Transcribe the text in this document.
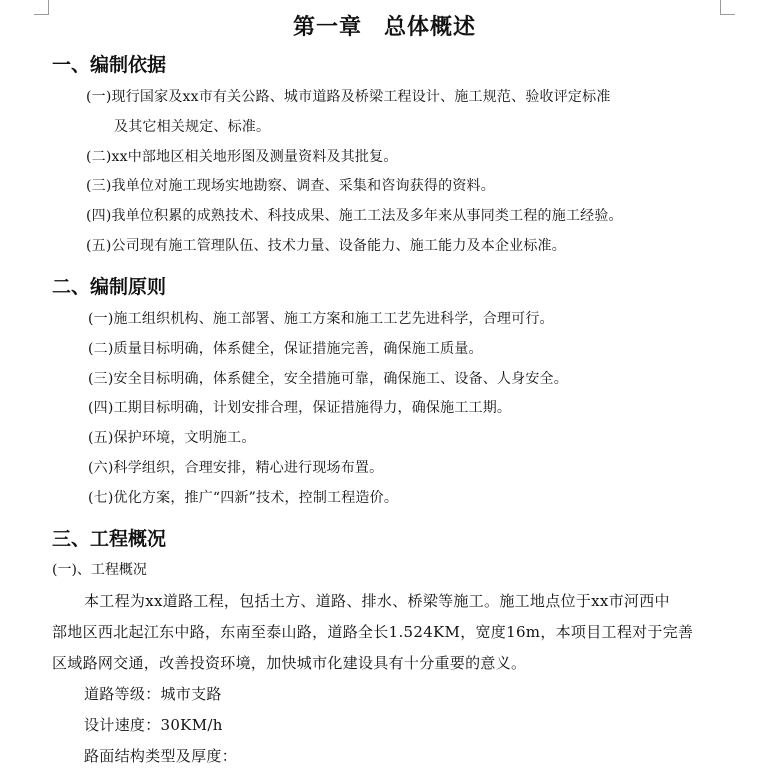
第一章 总体概述
一、编制依据
(一)现行国家及xx市有关公路、城市道路及桥梁工程设计、施工规范、验收评定标准
及其它相关规定、标准。
(二)xx中部地区相关地形图及测量资料及其批复。
(三)我单位对施工现场实地勘察、调查、采集和咨询获得的资料。
(四)我单位积累的成熟技术、科技成果、施工工法及多年来从事同类工程的施工经验。
(五)公司现有施工管理队伍、技术力量、设备能力、施工能力及本企业标准。
二、编制原则
(一)施工组织机构、施工部署、施工方案和施工工艺先进科学，合理可行。
(二)质量目标明确，体系健全，保证措施完善，确保施工质量。
(三)安全目标明确，体系健全，安全措施可靠，确保施工、设备、人身安全。
(四)工期目标明确，计划安排合理，保证措施得力，确保施工工期。
(五)保护环境，文明施工。
(六)科学组织，合理安排，精心进行现场布置。
(七)优化方案，推广“四新”技术，控制工程造价。
三、工程概况
(一)、工程概况
本工程为xx道路工程，包括土方、道路、排水、桥梁等施工。施工地点位于xx市河西中
部地区西北起江东中路，东南至泰山路，道路全长1.524KM，宽度16m，本项目工程对于完善
区域路网交通，改善投资环境，加快城市化建设具有十分重要的意义。
道路等级：城市支路
设计速度：30KM/h
路面结构类型及厚度：
